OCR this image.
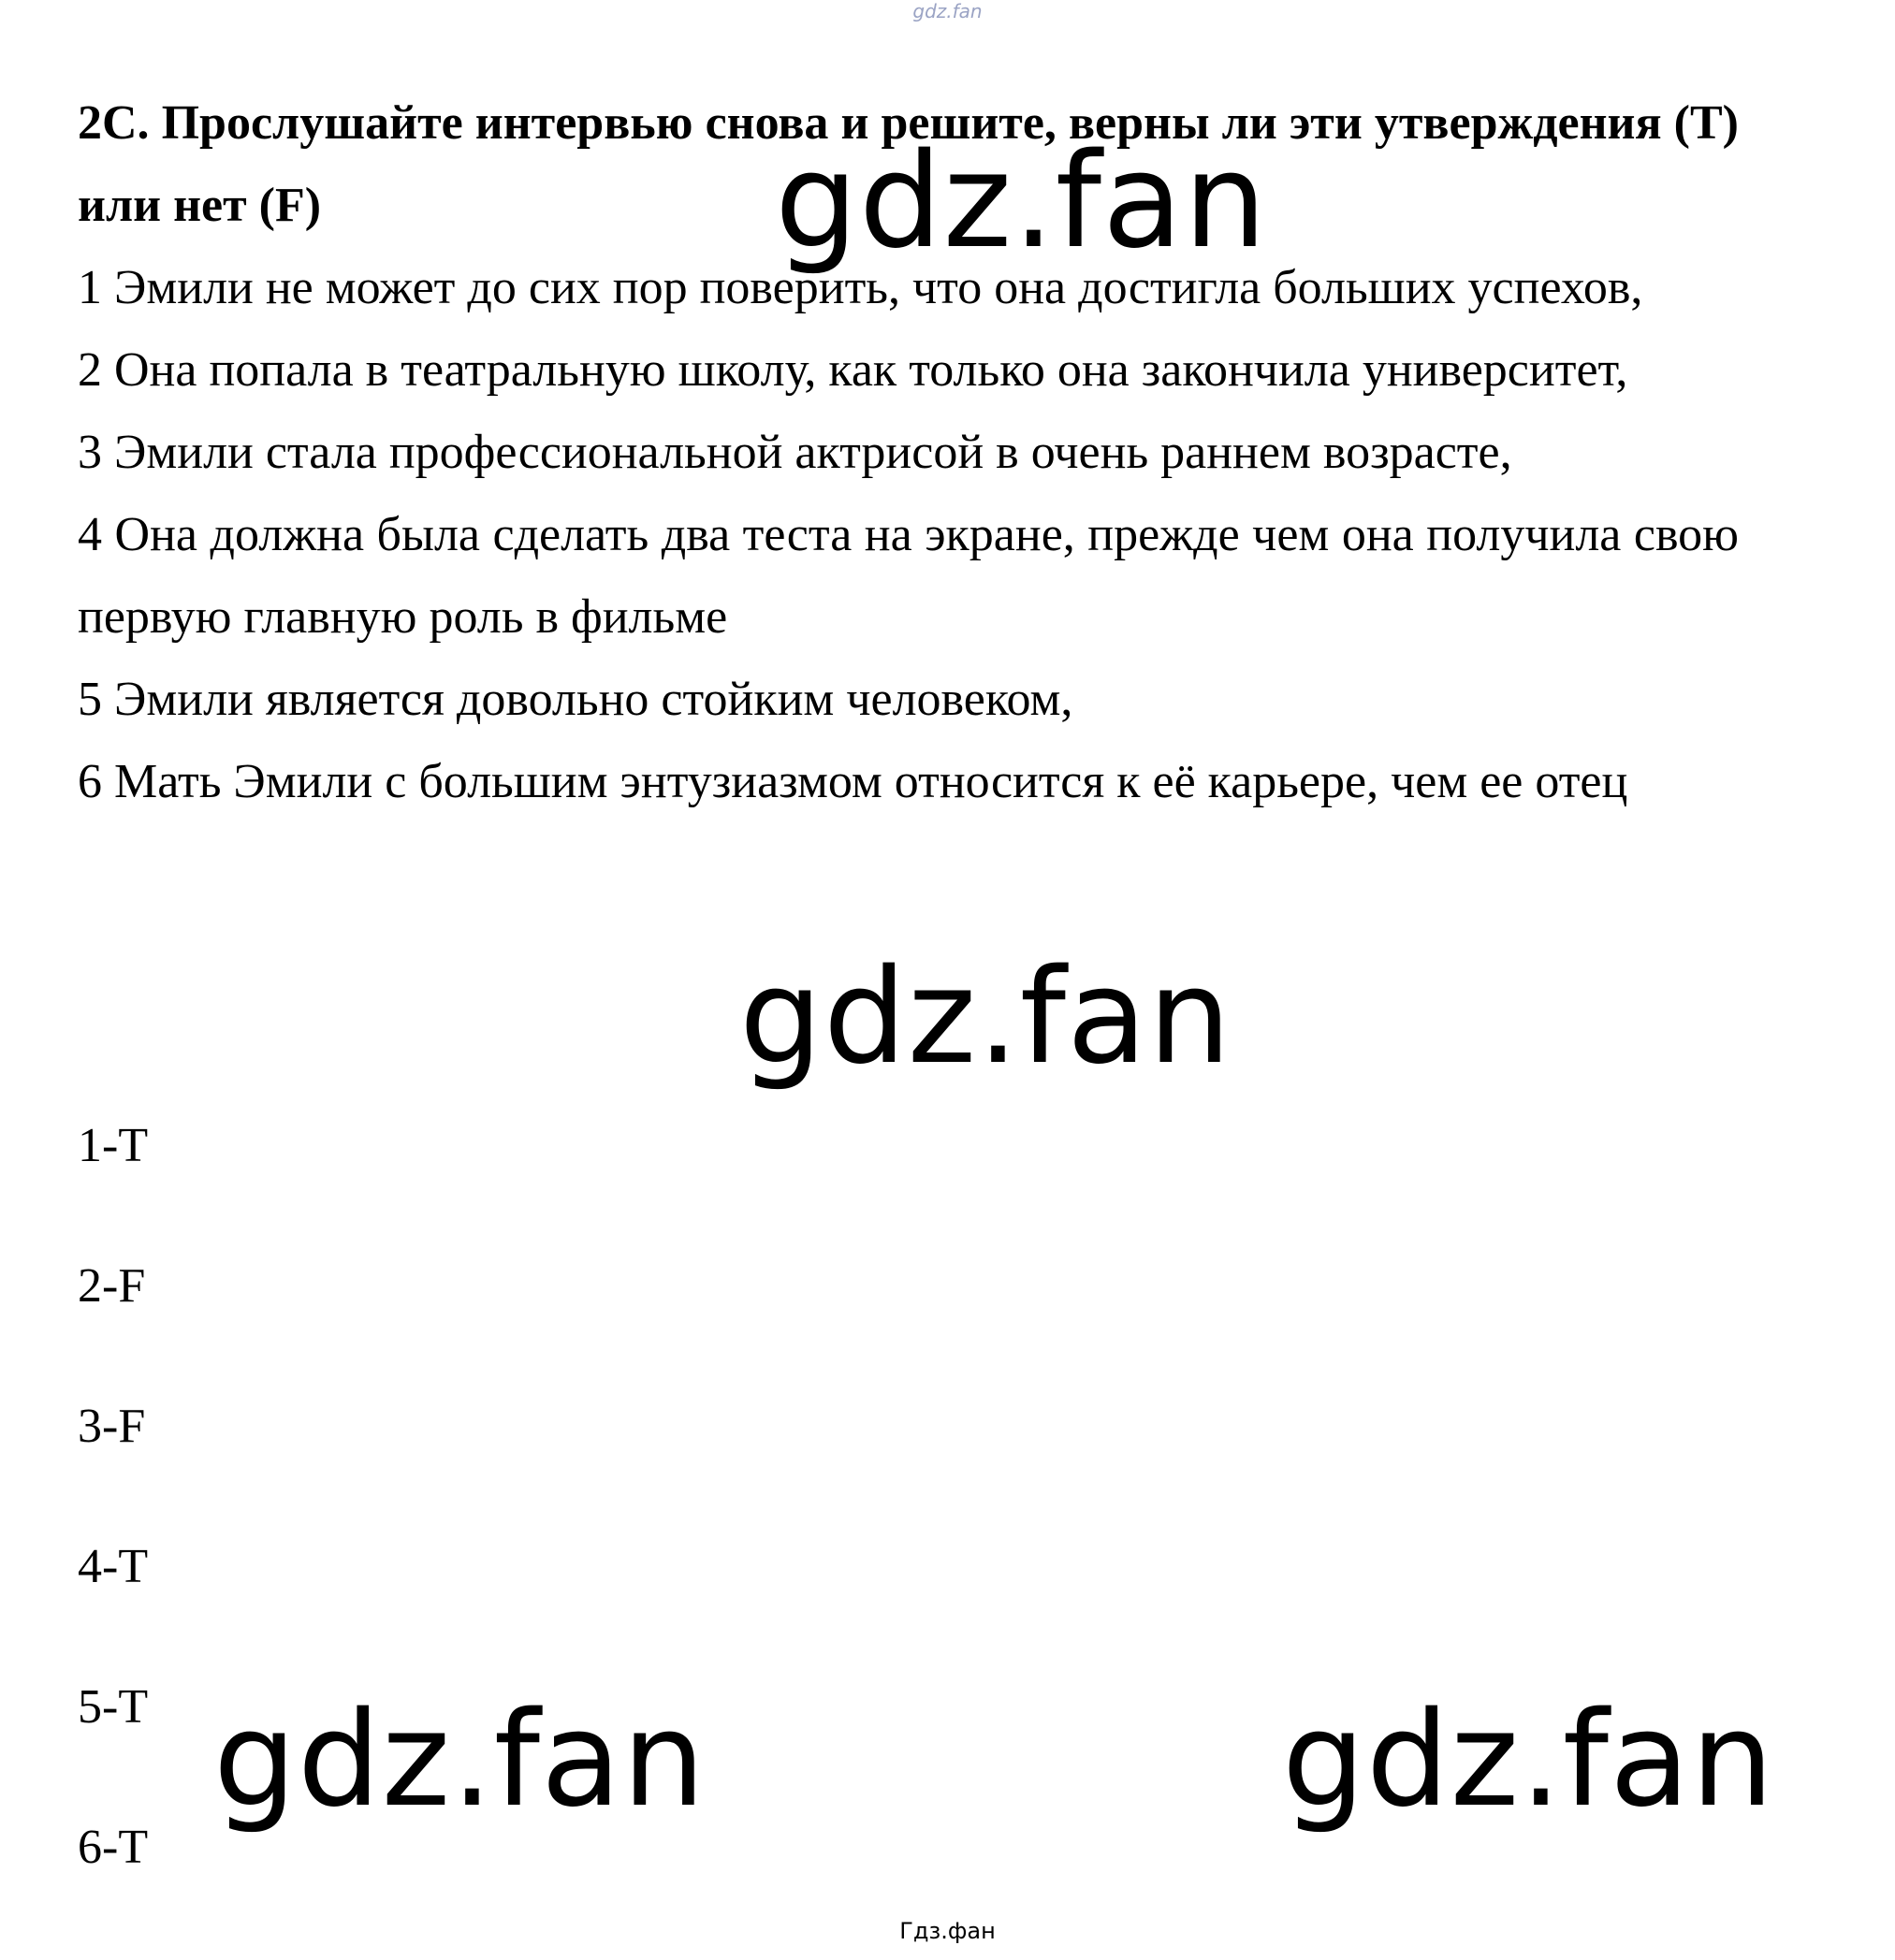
gdz.fan

2C. Прослушайте интервью снова и решите, верны ли эти утверждения (T) или нет (F)

1 Эмили не может до сих пор поверить, что она достигла больших успехов,

2 Она попала в театральную школу, как только она закончила университет,

3 Эмили стала профессиональной актрисой в очень раннем возрасте,

4 Она должна была сделать два теста на экране, прежде чем она получила свою первую главную роль в фильме

5 Эмили является довольно стойким человеком,

6 Мать Эмили с большим энтузиазмом относится к её карьере, чем ее отец

1-T

2-F

3-F

4-T

5-T

6-T

gdz.fan
gdz.fan
gdz.fan	gdz.fan
Гдз.фан
